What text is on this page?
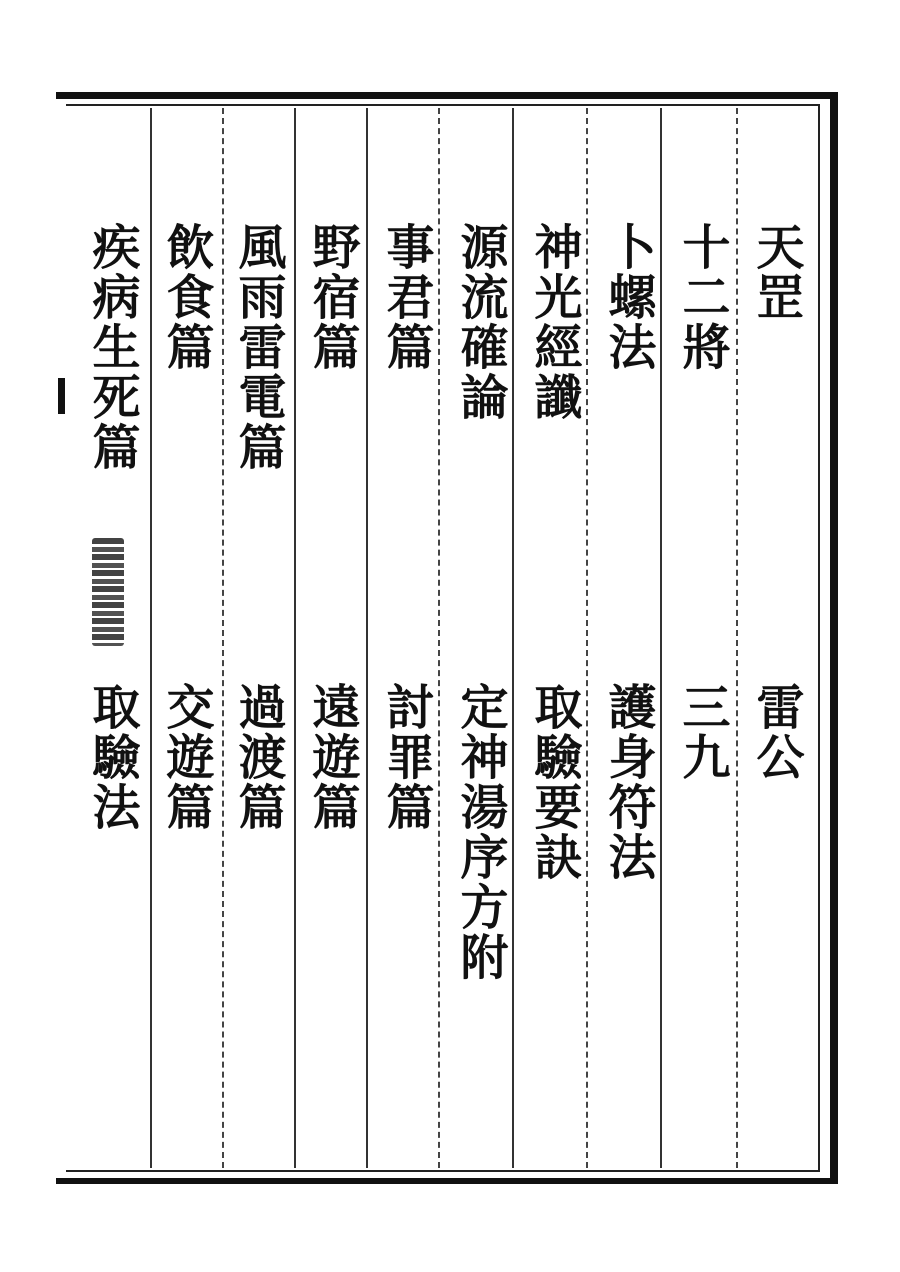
天罡
雷公
十二將
三九
卜螺法
護身符法
神光經讖
取驗要訣
源流確論
定神湯序方附
事君篇
討罪篇
野宿篇
遠遊篇
風雨雷電篇
過渡篇
飲食篇
交遊篇
疾病生死篇
取驗法
